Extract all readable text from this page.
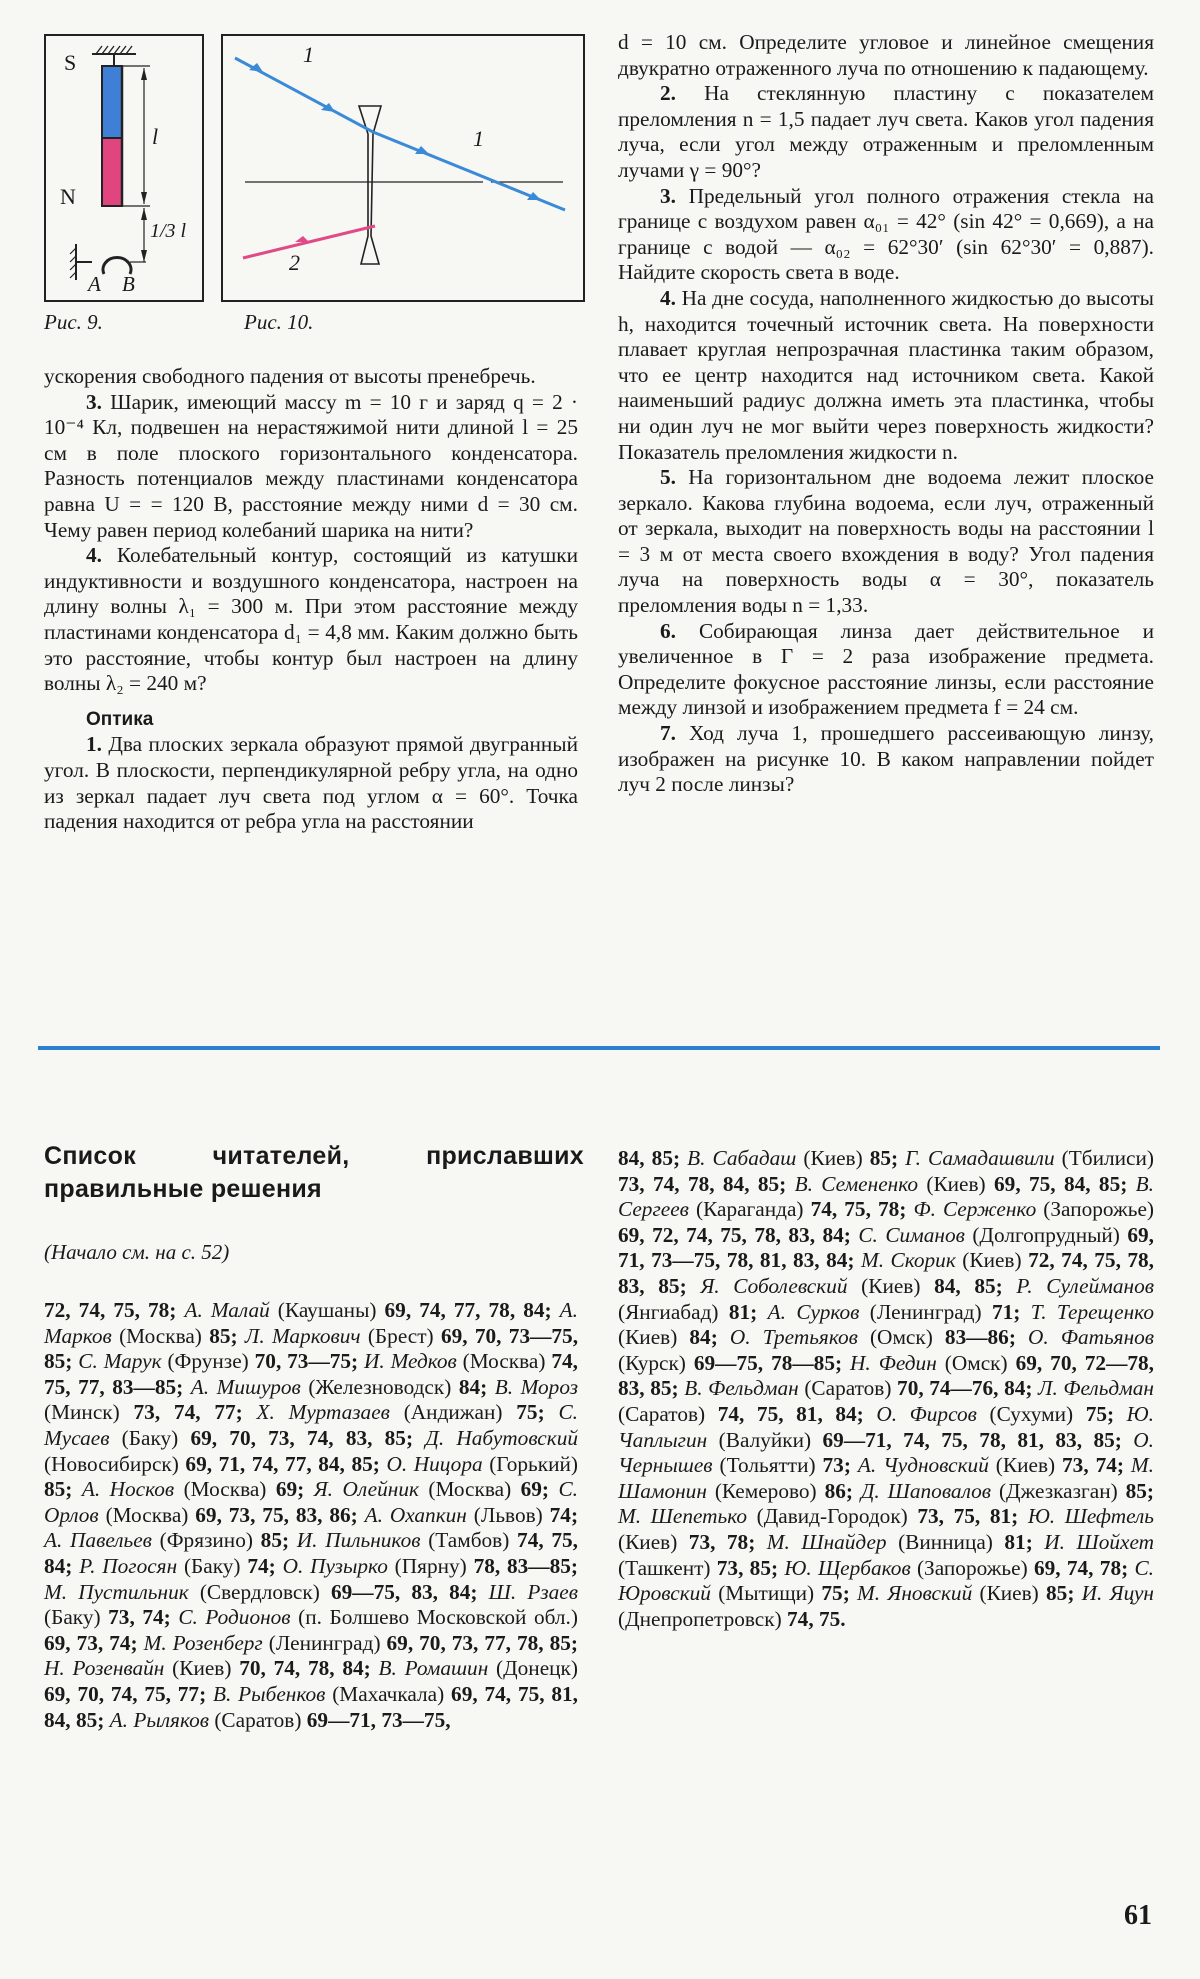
S
N
l
1/3 l
A B
Рис. 9.
1
1
2
Рис. 10.

ускорения свободного падения от высоты пренебречь.

3. Шарик, имеющий массу m = 10 г и заряд q = 2 · 10⁻⁴ Кл, подвешен на нерастяжимой нити длиной l = 25 см в поле плоского горизонтального конденсатора. Разность потенциалов между пластинами конденсатора равна U = = 120 В, расстояние между ними d = 30 см. Чему равен период колебаний шарика на нити?

4. Колебательный контур, состоящий из катушки индуктивности и воздушного конденсатора, настроен на длину волны λ₁ = 300 м. При этом расстояние между пластинами конденсатора d₁ = 4,8 мм. Каким должно быть это расстояние, чтобы контур был настроен на длину волны λ₂ = 240 м?

Оптика

1. Два плоских зеркала образуют прямой двугранный угол. В плоскости, перпендикулярной ребру угла, на одно из зеркал падает луч света под углом α = 60°. Точка падения находится от ребра угла на расстоянии

d = 10 см. Определите угловое и линейное смещения двукратно отраженного луча по отношению к падающему.

2. На стеклянную пластину с показателем преломления n = 1,5 падает луч света. Каков угол падения луча, если угол между отраженным и преломленным лучами γ = 90°?

3. Предельный угол полного отражения стекла на границе с воздухом равен α₀₁ = 42° (sin 42° = 0,669), а на границе с водой — α₀₂ = 62°30′ (sin 62°30′ = 0,887). Найдите скорость света в воде.

4. На дне сосуда, наполненного жидкостью до высоты h, находится точечный источник света. На поверхности плавает круглая непрозрачная пластинка таким образом, что ее центр находится над источником света. Какой наименьший радиус должна иметь эта пластинка, чтобы ни один луч не мог выйти через поверхность жидкости? Показатель преломления жидкости n.

5. На горизонтальном дне водоема лежит плоское зеркало. Какова глубина водоема, если луч, отраженный от зеркала, выходит на поверхность воды на расстоянии l = 3 м от места своего вхождения в воду? Угол падения луча на поверхность воды α = 30°, показатель преломления воды n = 1,33.

6. Собирающая линза дает действительное и увеличенное в Г = 2 раза изображение предмета. Определите фокусное расстояние линзы, если расстояние между линзой и изображением предмета f = 24 см.

7. Ход луча 1, прошедшего рассеивающую линзу, изображен на рисунке 10. В каком направлении пойдет луч 2 после линзы?

Список читателей, приславших правильные решения
(Начало см. на с. 52)
72, 74, 75, 78; А. Малай (Каушаны) 69, 74, 77, 78, 84; А. Марков (Москва) 85; Л. Маркович (Брест) 69, 70, 73—75, 85; С. Марук (Фрунзе) 70, 73—75; И. Медков (Москва) 74, 75, 77, 83—85; А. Мишуров (Железноводск) 84; В. Мороз (Минск) 73, 74, 77; Х. Муртазаев (Андижан) 75; С. Мусаев (Баку) 69, 70, 73, 74, 83, 85; Д. Набутовский (Новосибирск) 69, 71, 74, 77, 84, 85; О. Ницора (Горький) 85; А. Носков (Москва) 69; Я. Олейник (Москва) 69; С. Орлов (Москва) 69, 73, 75, 83, 86; А. Охапкин (Львов) 74; А. Павельев (Фрязино) 85; И. Пильников (Тамбов) 74, 75, 84; Р. Погосян (Баку) 74; О. Пузырко (Пярну) 78, 83—85; М. Пустильник (Свердловск) 69—75, 83, 84; Ш. Рзаев (Баку) 73, 74; С. Родионов (п. Болшево Московской обл.) 69, 73, 74; М. Розенберг (Ленинград) 69, 70, 73, 77, 78, 85; Н. Розенвайн (Киев) 70, 74, 78, 84; В. Ромашин (Донецк) 69, 70, 74, 75, 77; В. Рыбенков (Махачкала) 69, 74, 75, 81, 84, 85; А. Рыляков (Саратов) 69—71, 73—75,
84, 85; В. Сабадаш (Киев) 85; Г. Самадашвили (Тбилиси) 73, 74, 78, 84, 85; В. Семененко (Киев) 69, 75, 84, 85; В. Сергеев (Караганда) 74, 75, 78; Ф. Серженко (Запорожье) 69, 72, 74, 75, 78, 83, 84; С. Симанов (Долгопрудный) 69, 71, 73—75, 78, 81, 83, 84; М. Скорик (Киев) 72, 74, 75, 78, 83, 85; Я. Соболевский (Киев) 84, 85; Р. Сулейманов (Янгиабад) 81; А. Сурков (Ленинград) 71; Т. Терещенко (Киев) 84; О. Третьяков (Омск) 83—86; О. Фатьянов (Курск) 69—75, 78—85; Н. Федин (Омск) 69, 70, 72—78, 83, 85; В. Фельдман (Саратов) 70, 74—76, 84; Л. Фельдман (Саратов) 74, 75, 81, 84; О. Фирсов (Сухуми) 75; Ю. Чаплыгин (Валуйки) 69—71, 74, 75, 78, 81, 83, 85; О. Чернышев (Тольятти) 73; А. Чудновский (Киев) 73, 74; М. Шамонин (Кемерово) 86; Д. Шаповалов (Джезказган) 85; М. Шепетько (Давид-Городок) 73, 75, 81; Ю. Шефтель (Киев) 73, 78; М. Шнайдер (Винница) 81; И. Шойхет (Ташкент) 73, 85; Ю. Щербаков (Запорожье) 69, 74, 78; С. Юровский (Мытищи) 75; М. Яновский (Киев) 85; И. Яцун (Днепропетровск) 74, 75.
61
